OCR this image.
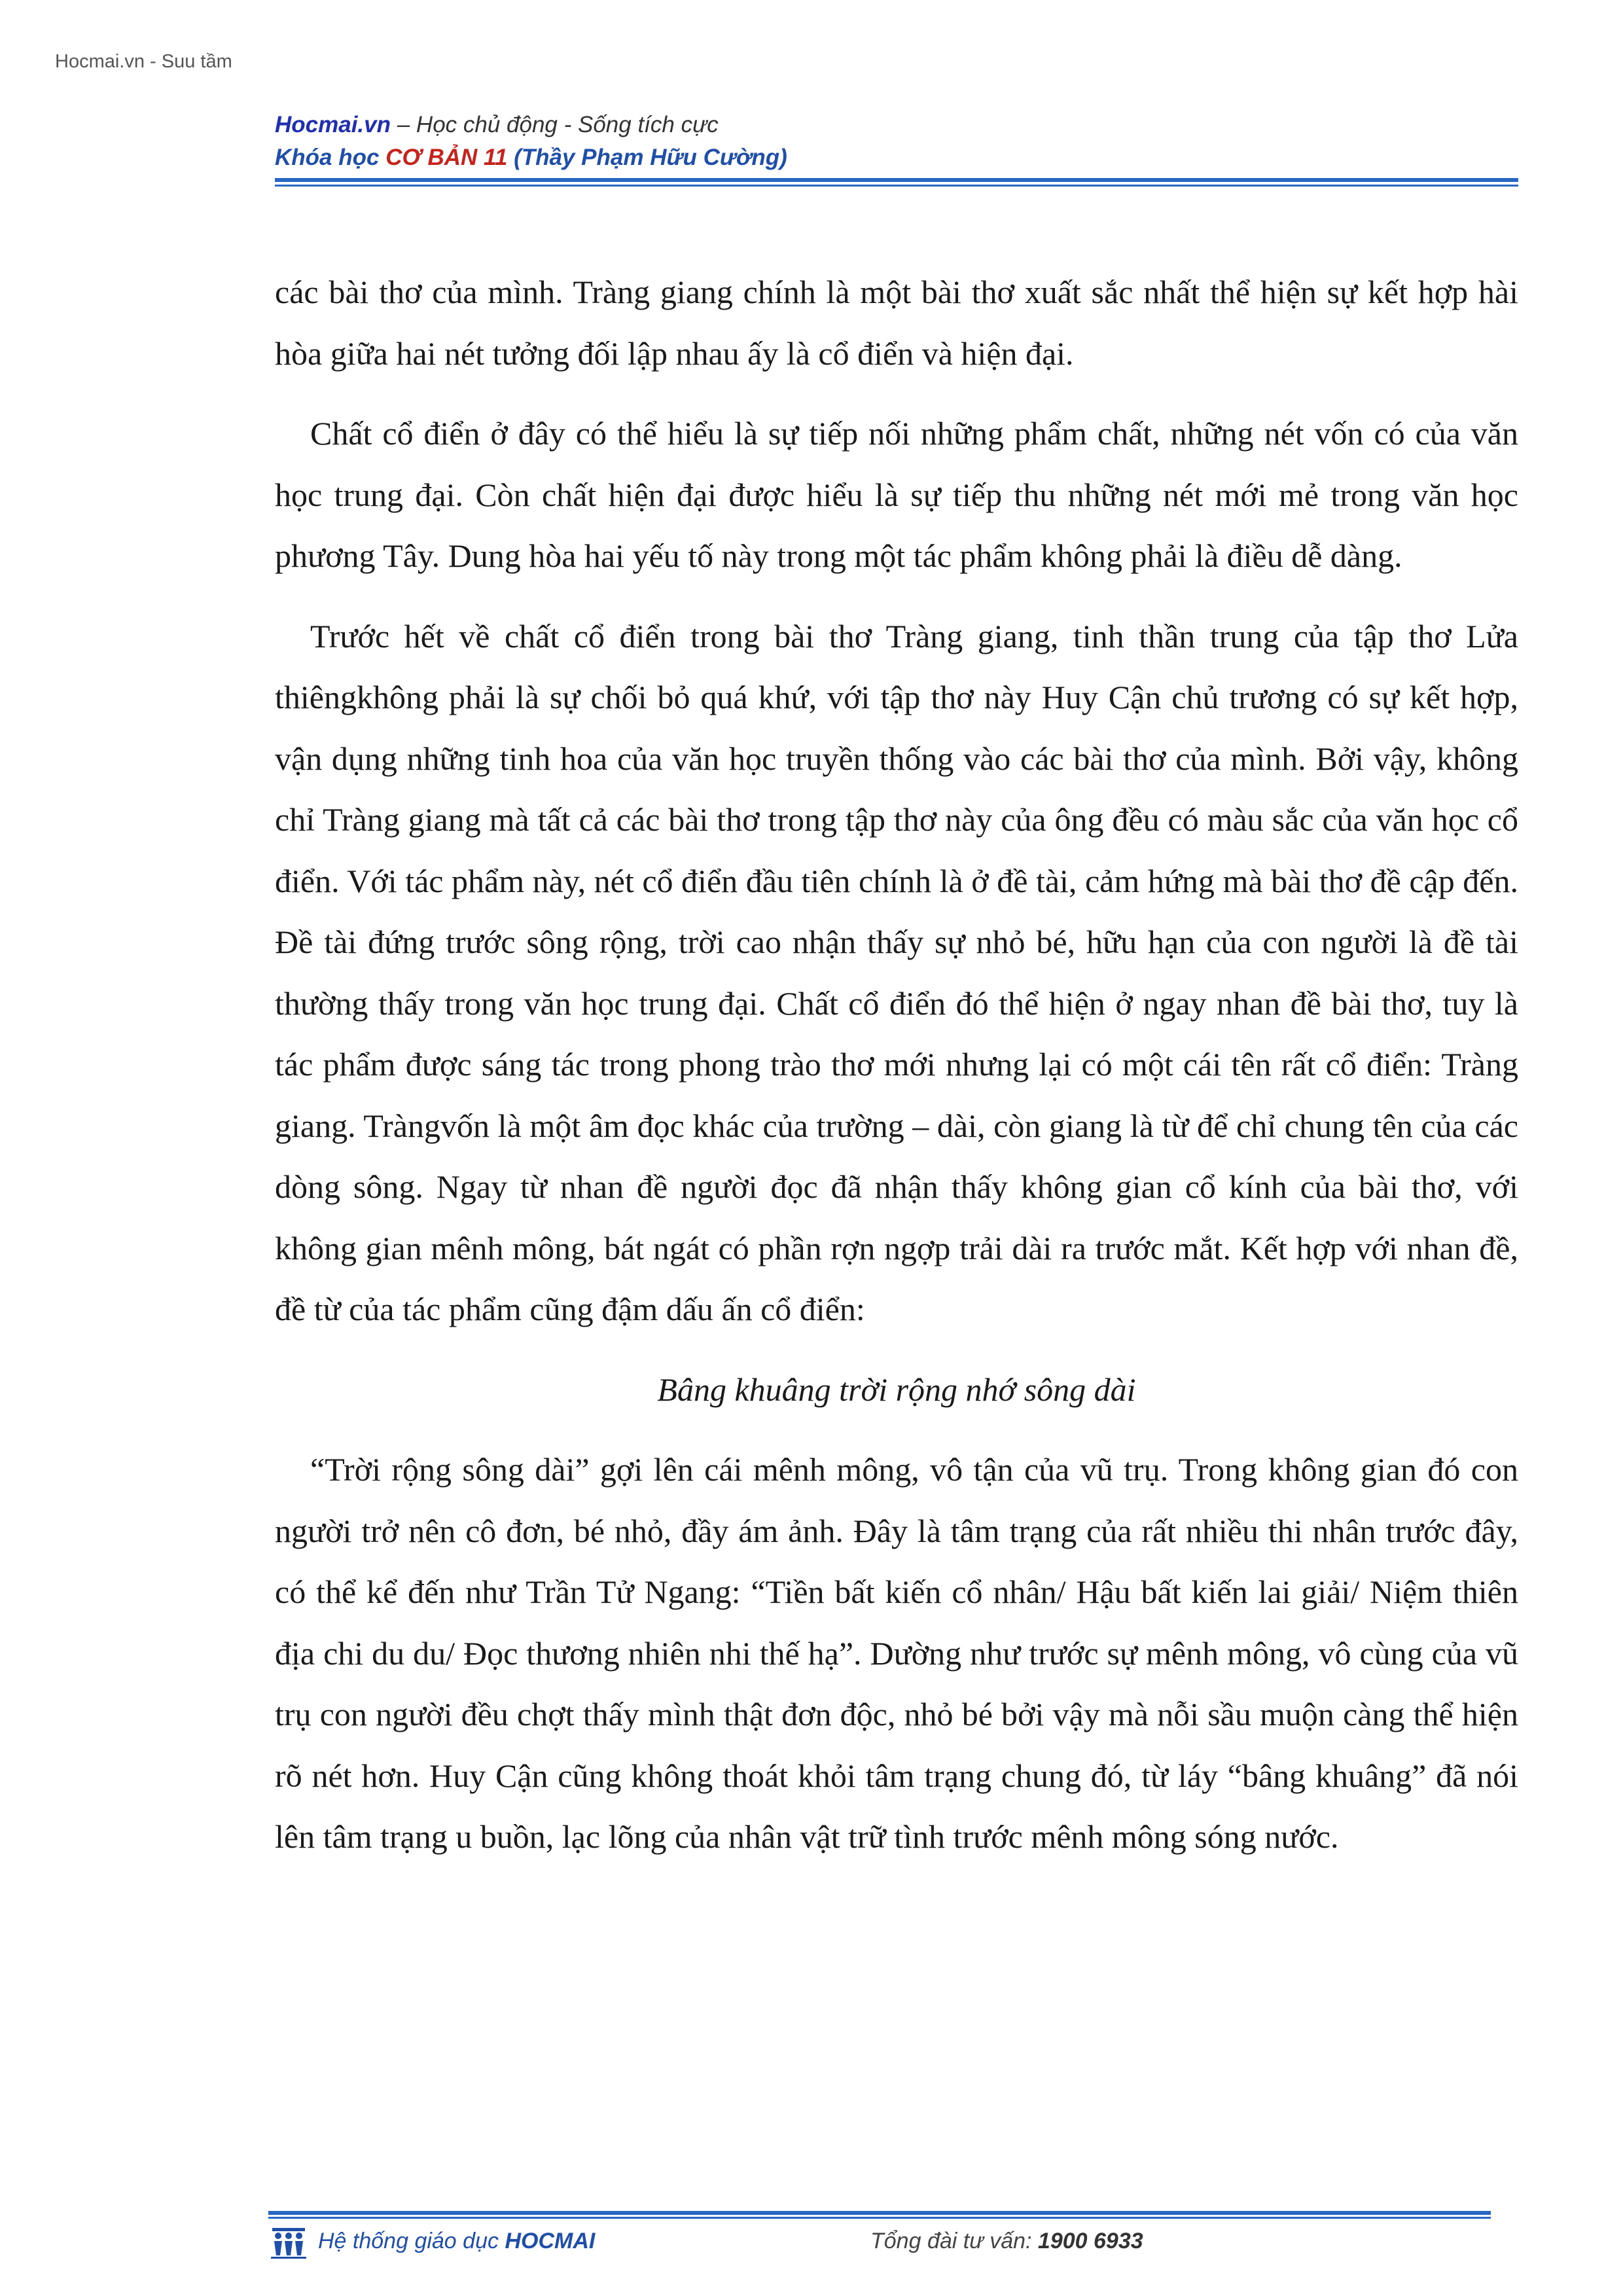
Hocmai.vn - Suu tầm
Hocmai.vn – Học chủ động - Sống tích cực
Khóa học CƠ BẢN 11 (Thầy Phạm Hữu Cường)

các bài thơ của mình. Tràng giang chính là một bài thơ xuất sắc nhất thể hiện sự kết hợp hài hòa giữa hai nét tưởng đối lập nhau ấy là cổ điển và hiện đại.

Chất cổ điển ở đây có thể hiểu là sự tiếp nối những phẩm chất, những nét vốn có của văn học trung đại. Còn chất hiện đại được hiểu là sự tiếp thu những nét mới mẻ trong văn học phương Tây. Dung hòa hai yếu tố này trong một tác phẩm không phải là điều dễ dàng.

Trước hết về chất cổ điển trong bài thơ Tràng giang, tinh thần trung của tập thơ Lửa thiêngkhông phải là sự chối bỏ quá khứ, với tập thơ này Huy Cận chủ trương có sự kết hợp, vận dụng những tinh hoa của văn học truyền thống vào các bài thơ của mình. Bởi vậy, không chỉ Tràng giang mà tất cả các bài thơ trong tập thơ này của ông đều có màu sắc của văn học cổ điển. Với tác phẩm này, nét cổ điển đầu tiên chính là ở đề tài, cảm hứng mà bài thơ đề cập đến. Đề tài đứng trước sông rộng, trời cao nhận thấy sự nhỏ bé, hữu hạn của con người là đề tài thường thấy trong văn học trung đại. Chất cổ điển đó thể hiện ở ngay nhan đề bài thơ, tuy là tác phẩm được sáng tác trong phong trào thơ mới nhưng lại có một cái tên rất cổ điển: Tràng giang. Tràngvốn là một âm đọc khác của trường – dài, còn giang là từ để chỉ chung tên của các dòng sông. Ngay từ nhan đề người đọc đã nhận thấy không gian cổ kính của bài thơ, với không gian mênh mông, bát ngát có phần rợn ngợp trải dài ra trước mắt. Kết hợp với nhan đề, đề từ của tác phẩm cũng đậm dấu ấn cổ điển:

Bâng khuâng trời rộng nhớ sông dài

“Trời rộng sông dài” gợi lên cái mênh mông, vô tận của vũ trụ. Trong không gian đó con người trở nên cô đơn, bé nhỏ, đầy ám ảnh. Đây là tâm trạng của rất nhiều thi nhân trước đây, có thể kể đến như Trần Tử Ngang: “Tiền bất kiến cổ nhân/ Hậu bất kiến lai giải/ Niệm thiên địa chi du du/ Đọc thương nhiên nhi thế hạ”. Dường như trước sự mênh mông, vô cùng của vũ trụ con người đều chợt thấy mình thật đơn độc, nhỏ bé bởi vậy mà nỗi sầu muộn càng thể hiện rõ nét hơn. Huy Cận cũng không thoát khỏi tâm trạng chung đó, từ láy “bâng khuâng” đã nói lên tâm trạng u buồn, lạc lõng của nhân vật trữ tình trước mênh mông sóng nước.

Hệ thống giáo dục HOCMAI	Tổng đài tư vấn: 1900 6933
